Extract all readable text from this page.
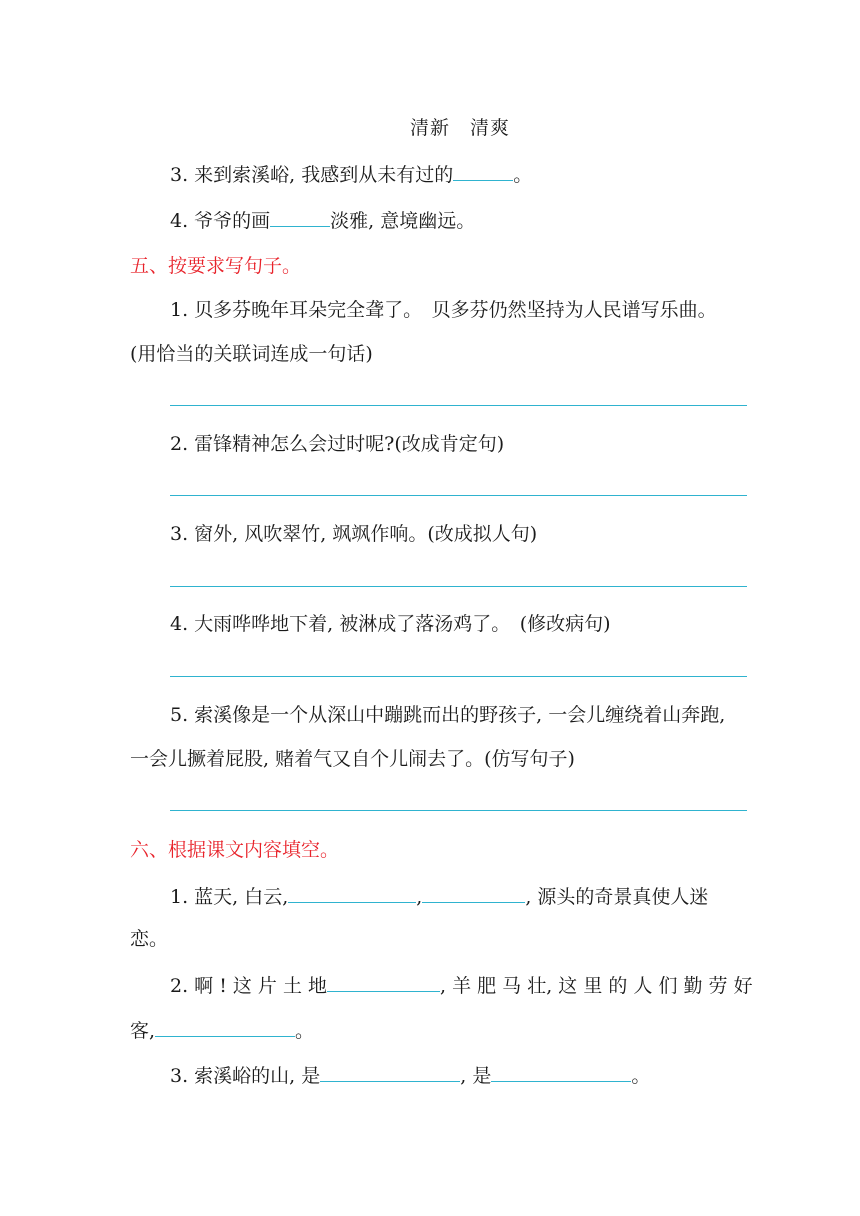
清新　 清爽
3. 来到索溪峪, 我感到从未有过的	。
4. 爷爷的画	淡雅, 意境幽远。
五、按要求写句子。
1. 贝多芬晚年耳朵完全聋了。　贝多芬仍然坚持为人民谱写乐曲。
(用恰当的关联词连成一句话)
2. 雷锋精神怎么会过时呢?(改成肯定句)
3. 窗外, 风吹翠竹, 飒飒作响。(改成拟人句)
4. 大雨哗哗地下着, 被淋成了落汤鸡了。　(修改病句)
5. 索溪像是一个从深山中蹦跳而出的野孩子, 一会儿缠绕着山奔跑,
一会儿撅着屁股, 赌着气又自个儿闹去了。(仿写句子)
六、根据课文内容填空。
1. 蓝天, 白云,	,	, 源头的奇景真使人迷
恋。
2. 啊 ! 这 片 土 地	, 羊 肥 马 壮, 这 里 的 人 们 勤 劳 好
客,	。
3. 索溪峪的山, 是	, 是	。
